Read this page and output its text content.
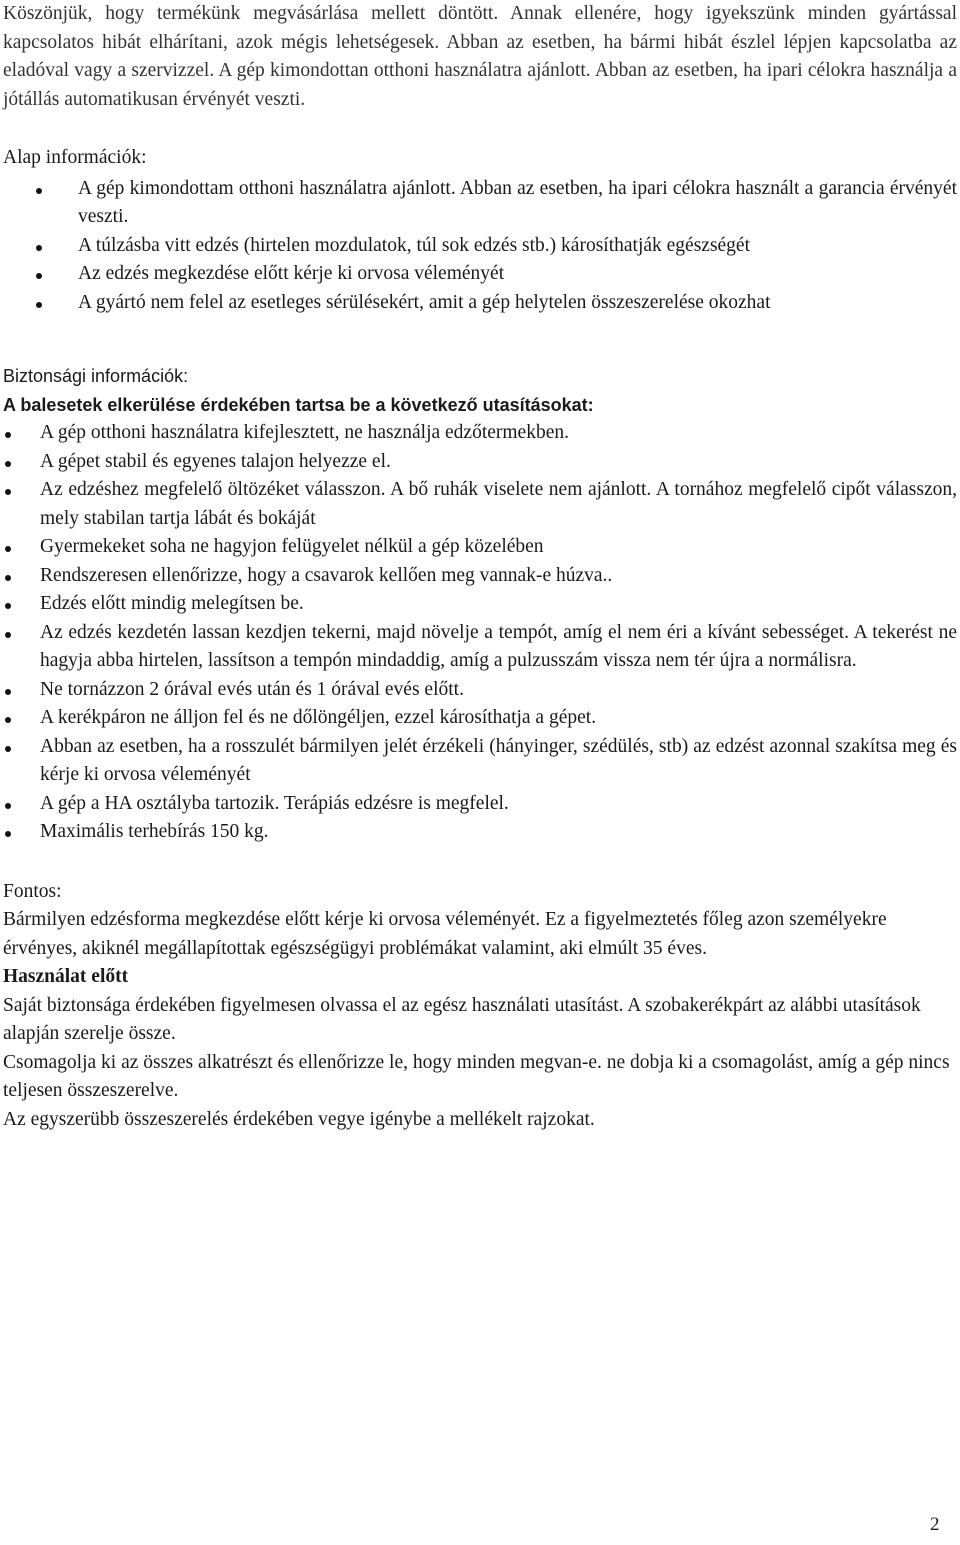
Köszönjük, hogy termékünk megvásárlása mellett döntött. Annak ellenére, hogy igyekszünk minden gyártással kapcsolatos hibát elhárítani, azok mégis lehetségesek. Abban az esetben, ha bármi hibát észlel lépjen kapcsolatba az eladóval vagy a szervizzel. A gép kimondottan otthoni használatra ajánlott. Abban az esetben, ha ipari célokra használja a jótállás automatikusan érvényét veszti.

Alap információk:

A gép kimondottam otthoni használatra ajánlott. Abban az esetben, ha ipari célokra használt a garancia érvényét veszti.
A túlzásba vitt edzés (hirtelen mozdulatok, túl sok edzés stb.) károsíthatják egészségét
Az edzés megkezdése előtt kérje ki orvosa véleményét
A gyártó nem felel az esetleges sérülésekért, amit a gép helytelen összeszerelése okozhat

Biztonsági információk:

A balesetek elkerülése érdekében tartsa be a következő utasításokat:

A gép otthoni használatra kifejlesztett, ne használja edzőtermekben.
A gépet stabil és egyenes talajon helyezze el.
Az edzéshez megfelelő öltözéket válasszon. A bő ruhák viselete nem ajánlott. A tornához megfelelő cipőt válasszon, mely stabilan tartja lábát és bokáját
Gyermekeket soha ne hagyjon felügyelet nélkül a gép közelében
Rendszeresen ellenőrizze, hogy a csavarok kellően meg vannak-e húzva..
Edzés előtt mindig melegítsen be.
Az edzés kezdetén lassan kezdjen tekerni, majd növelje a tempót, amíg el nem éri a kívánt sebességet. A tekerést ne hagyja abba hirtelen, lassítson a tempón mindaddig, amíg a pulzusszám vissza nem tér újra a normálisra.
Ne tornázzon 2 órával evés után és 1 órával evés előtt.
A kerékpáron ne álljon fel és ne dőlöngéljen, ezzel károsíthatja a gépet.
Abban az esetben, ha a rosszulét bármilyen jelét érzékeli (hányinger, szédülés, stb) az edzést azonnal szakítsa meg és kérje ki orvosa véleményét
A gép a HA osztályba tartozik. Terápiás edzésre is megfelel.
Maximális terhebírás 150 kg.

Fontos:

Bármilyen edzésforma megkezdése előtt kérje ki orvosa véleményét. Ez a figyelmeztetés főleg azon személyekre érvényes, akiknél megállapítottak egészségügyi problémákat valamint, aki elmúlt 35 éves.

Használat előtt

Saját biztonsága érdekében figyelmesen olvassa el az egész használati utasítást. A szobakerékpárt az alábbi utasítások alapján szerelje össze.

Csomagolja ki az összes alkatrészt és ellenőrizze le, hogy minden megvan-e. ne dobja ki a csomagolást, amíg a gép nincs teljesen összeszerelve.

Az egyszerübb összeszerelés érdekében vegye igénybe a mellékelt rajzokat.

2
